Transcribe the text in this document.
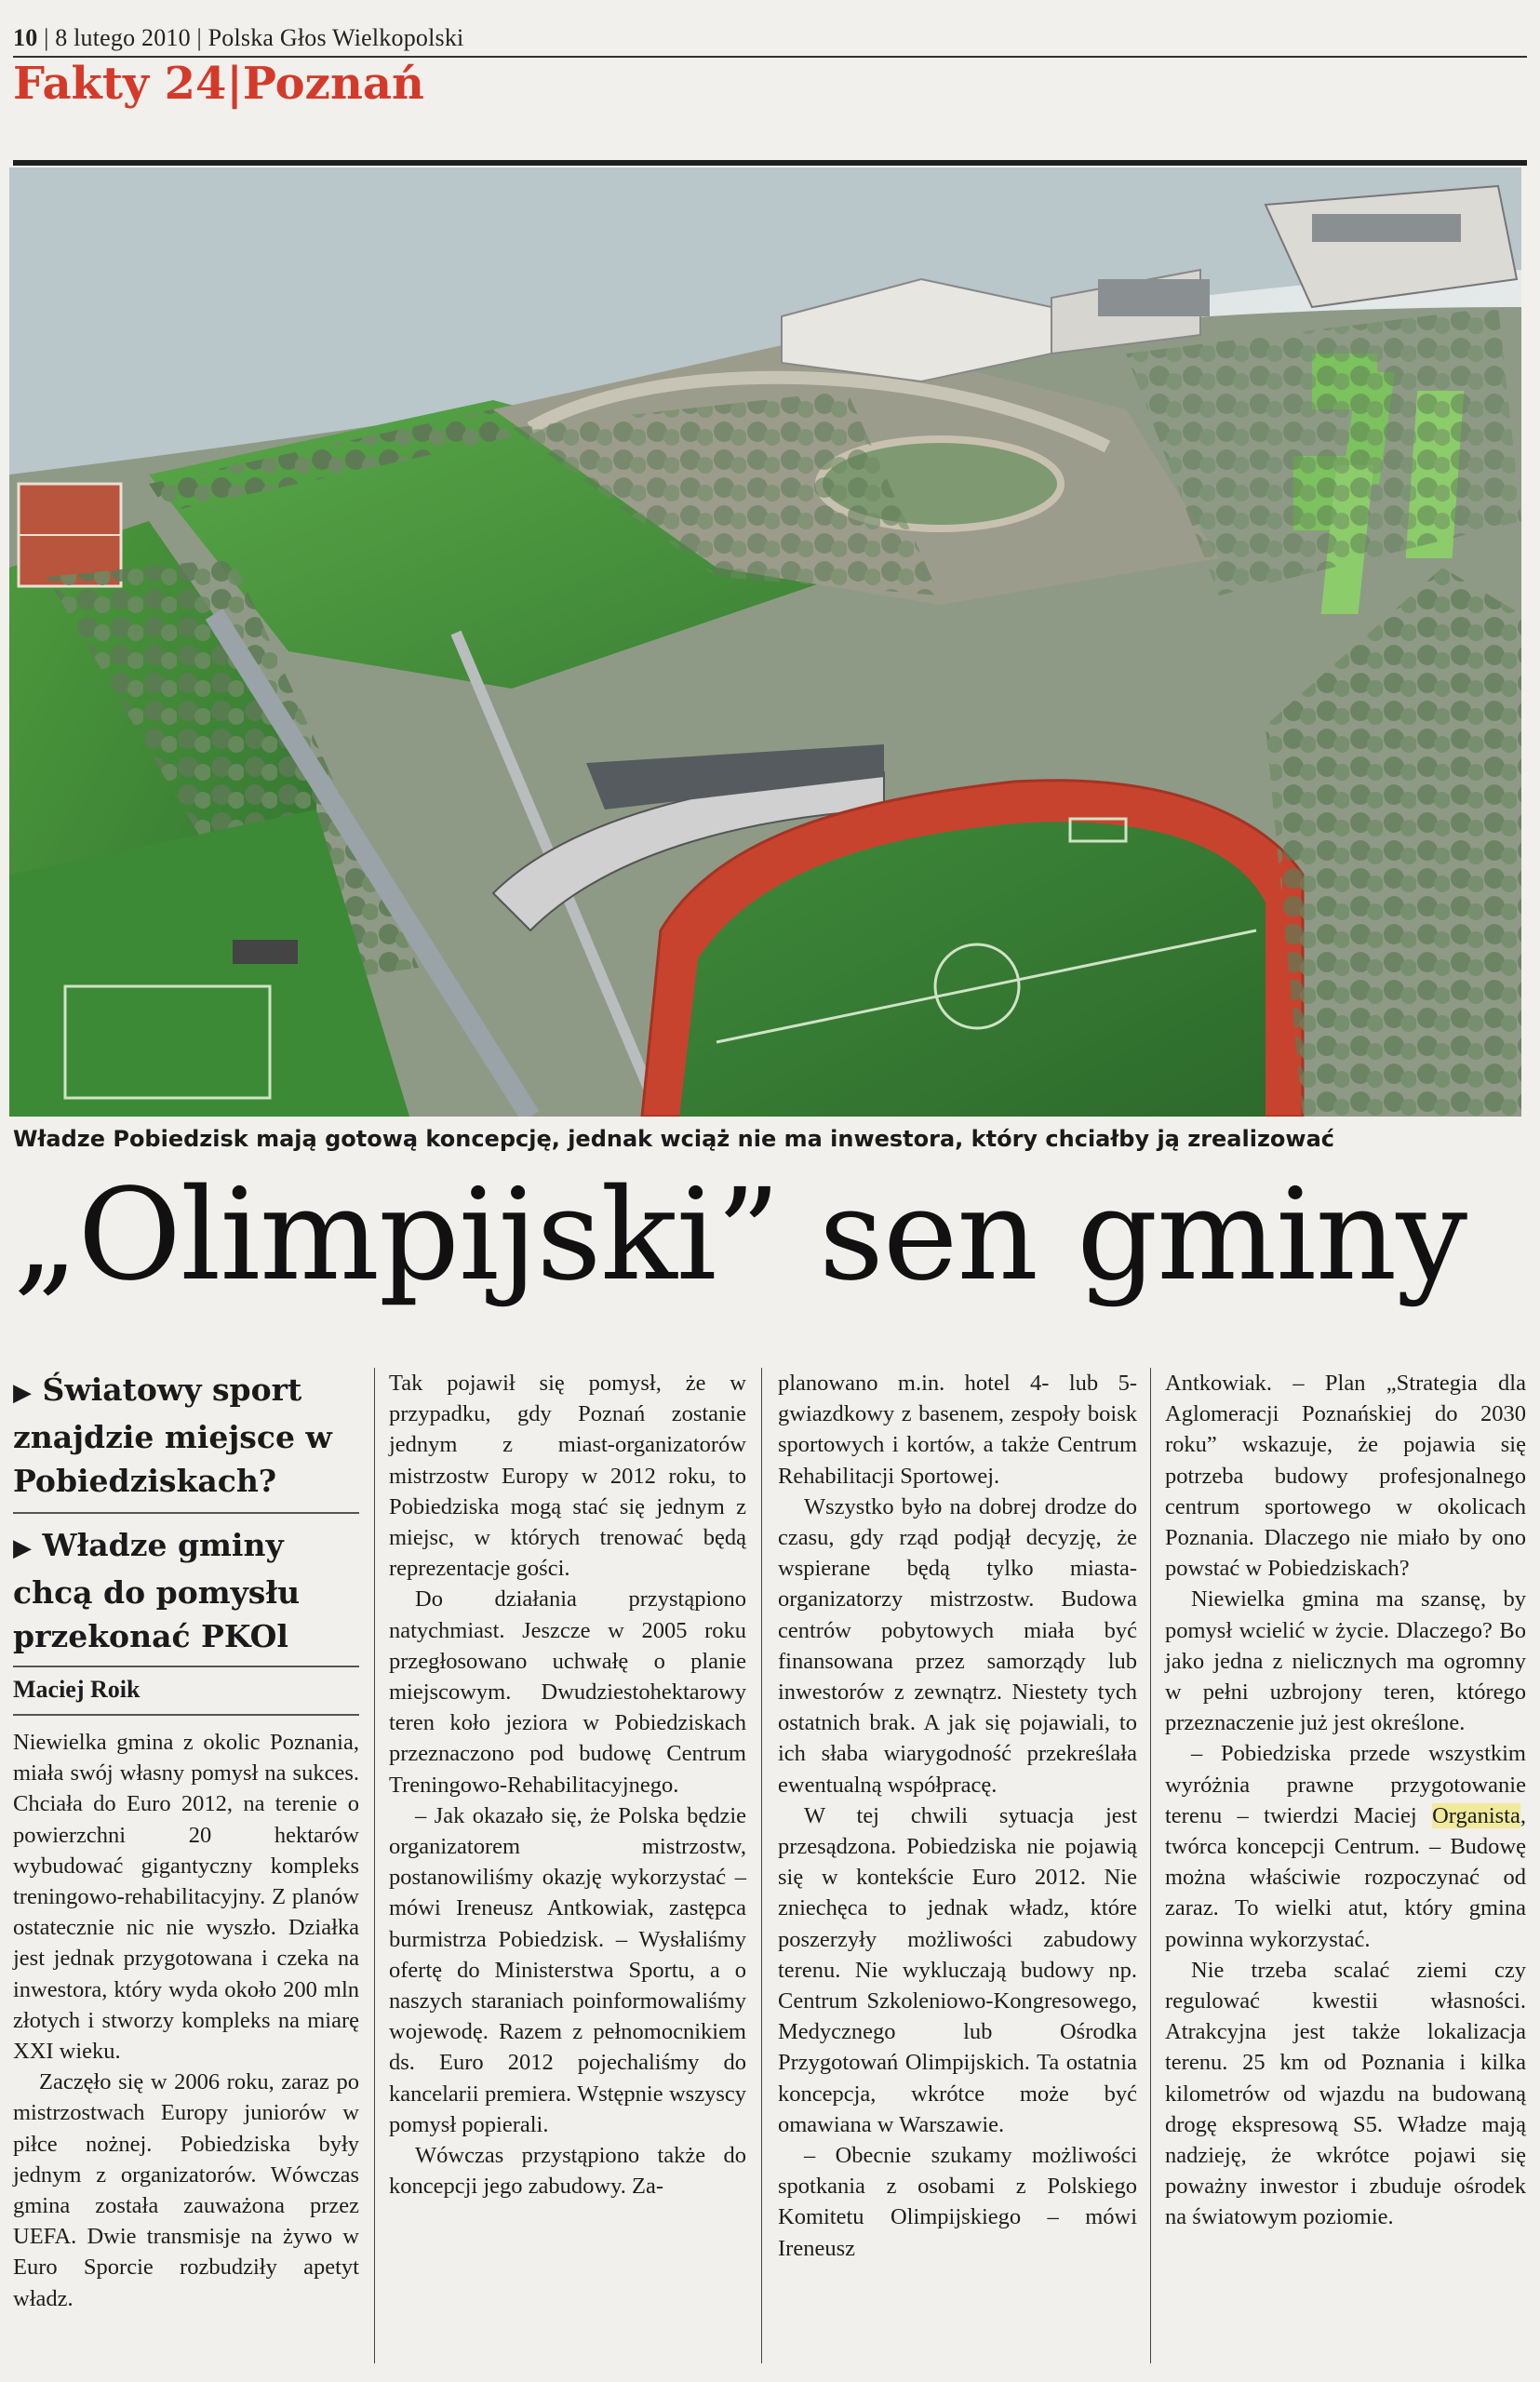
10 | 8 lutego 2010 | Polska Głos Wielkopolski
Fakty 24|Poznań
Władze Pobiedzisk mają gotową koncepcję, jednak wciąż nie ma inwestora, który chciałby ją zrealizować
„Olimpijski” sen gminy
▶ Światowy sport znajdzie miejsce w Pobiedziskach?
▶ Władze gminy chcą do pomysłu przekonać PKOl
Maciej Roik

Niewielka gmina z okolic Poznania, miała swój własny pomysł na sukces. Chciała do Euro 2012, na terenie o powierzchni 20 hektarów wybudować gigantyczny kompleks treningowo-rehabilitacyjny. Z planów ostatecznie nic nie wyszło. Działka jest jednak przygotowana i czeka na inwestora, który wyda około 200 mln złotych i stworzy kompleks na miarę XXI wieku.

Zaczęło się w 2006 roku, zaraz po mistrzostwach Europy juniorów w piłce nożnej. Pobiedziska były jednym z organizatorów. Wówczas gmina została zauważona przez UEFA. Dwie transmisje na żywo w Euro Sporcie rozbudziły apetyt władz.

Tak pojawił się pomysł, że w przypadku, gdy Poznań zostanie jednym z miast-organizatorów mistrzostw Europy w 2012 roku, to Pobiedziska mogą stać się jednym z miejsc, w których trenować będą reprezentacje gości.

Do działania przystąpiono natychmiast. Jeszcze w 2005 roku przegłosowano uchwałę o planie miejscowym. Dwudziestohektarowy teren koło jeziora w Pobiedziskach przeznaczono pod budowę Centrum Treningowo-Rehabilitacyjnego.

– Jak okazało się, że Polska będzie organizatorem mistrzostw, postanowiliśmy okazję wykorzystać – mówi Ireneusz Antkowiak, zastępca burmistrza Pobiedzisk. – Wysłaliśmy ofertę do Ministerstwa Sportu, a o naszych staraniach poinformowaliśmy wojewodę. Razem z pełnomocnikiem ds. Euro 2012 pojechaliśmy do kancelarii premiera. Wstępnie wszyscy pomysł popierali.

Wówczas przystąpiono także do koncepcji jego zabudowy. Za-

planowano m.in. hotel 4- lub 5-gwiazdkowy z basenem, zespoły boisk sportowych i kortów, a także Centrum Rehabilitacji Sportowej.

Wszystko było na dobrej drodze do czasu, gdy rząd podjął decyzję, że wspierane będą tylko miasta-organizatorzy mistrzostw. Budowa centrów pobytowych miała być finansowana przez samorządy lub inwestorów z zewnątrz. Niestety tych ostatnich brak. A jak się pojawiali, to ich słaba wiarygodność przekreślała ewentualną współpracę.

W tej chwili sytuacja jest przesądzona. Pobiedziska nie pojawią się w kontekście Euro 2012. Nie zniechęca to jednak władz, które poszerzyły możliwości zabudowy terenu. Nie wykluczają budowy np. Centrum Szkoleniowo-Kongresowego, Medycznego lub Ośrodka Przygotowań Olimpijskich. Ta ostatnia koncepcja, wkrótce może być omawiana w Warszawie.

– Obecnie szukamy możliwości spotkania z osobami z Polskiego Komitetu Olimpijskiego – mówi Ireneusz

Antkowiak. – Plan „Strategia dla Aglomeracji Poznańskiej do 2030 roku” wskazuje, że pojawia się potrzeba budowy profesjonalnego centrum sportowego w okolicach Poznania. Dlaczego nie miało by ono powstać w Pobiedziskach?

Niewielka gmina ma szansę, by pomysł wcielić w życie. Dlaczego? Bo jako jedna z nielicznych ma ogromny w pełni uzbrojony teren, którego przeznaczenie już jest określone.

– Pobiedziska przede wszystkim wyróżnia prawne przygotowanie terenu – twierdzi Maciej Organista, twórca koncepcji Centrum. – Budowę można właściwie rozpoczynać od zaraz. To wielki atut, który gmina powinna wykorzystać.

Nie trzeba scalać ziemi czy regulować kwestii własności. Atrakcyjna jest także lokalizacja terenu. 25 km od Poznania i kilka kilometrów od wjazdu na budowaną drogę ekspresową S5. Władze mają nadzieję, że wkrótce pojawi się poważny inwestor i zbuduje ośrodek na światowym poziomie.
